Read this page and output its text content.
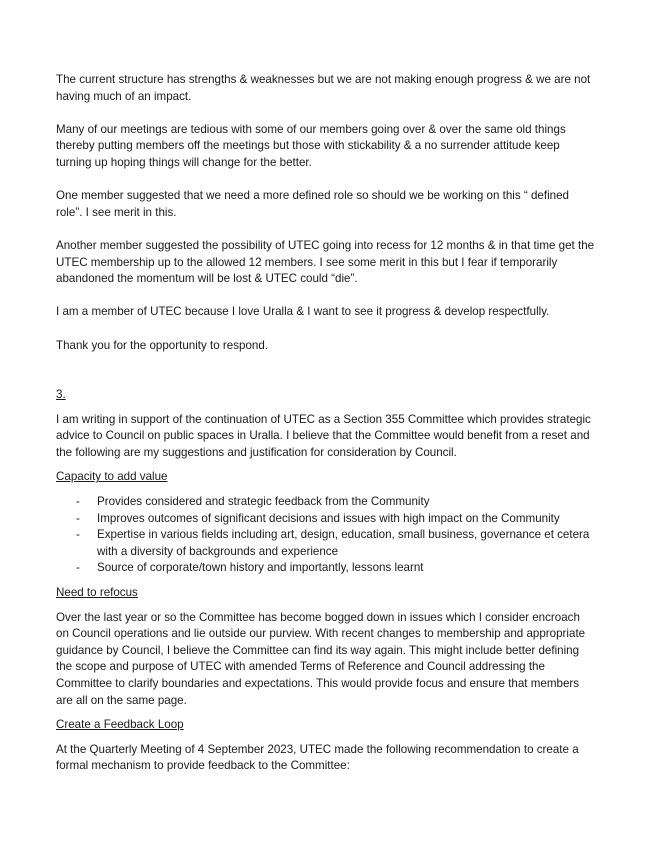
The current structure has strengths & weaknesses but we are not making enough progress & we are not having much of an impact.

Many of our meetings are tedious with some of our members going over & over the same old things thereby putting members off the meetings but those with stickability & a no surrender attitude keep turning up hoping things will change for the better.

One member suggested that we need a more defined role so should we be working on this “ defined role”. I see merit in this.

Another member suggested the possibility of UTEC going into recess for 12 months & in that time get the UTEC membership up to the allowed 12 members. I see some merit in this but I fear if temporarily abandoned the momentum will be lost & UTEC could “die”.

I am a member of UTEC because I love Uralla & I want to see it progress & develop respectfully.

Thank you for the opportunity to respond.

3.

I am writing in support of the continuation of UTEC as a Section 355 Committee which provides strategic advice to Council on public spaces in Uralla. I believe that the Committee would benefit from a reset and the following are my suggestions and justification for consideration by Council.

Capacity to add value

- Provides considered and strategic feedback from the Community
- Improves outcomes of significant decisions and issues with high impact on the Community
- Expertise in various fields including art, design, education, small business, governance et cetera with a diversity of backgrounds and experience
- Source of corporate/town history and importantly, lessons learnt

Need to refocus

Over the last year or so the Committee has become bogged down in issues which I consider encroach on Council operations and lie outside our purview. With recent changes to membership and appropriate guidance by Council, I believe the Committee can find its way again. This might include better defining the scope and purpose of UTEC with amended Terms of Reference and Council addressing the Committee to clarify boundaries and expectations. This would provide focus and ensure that members are all on the same page.

Create a Feedback Loop

At the Quarterly Meeting of 4 September 2023, UTEC made the following recommendation to create a formal mechanism to provide feedback to the Committee:
